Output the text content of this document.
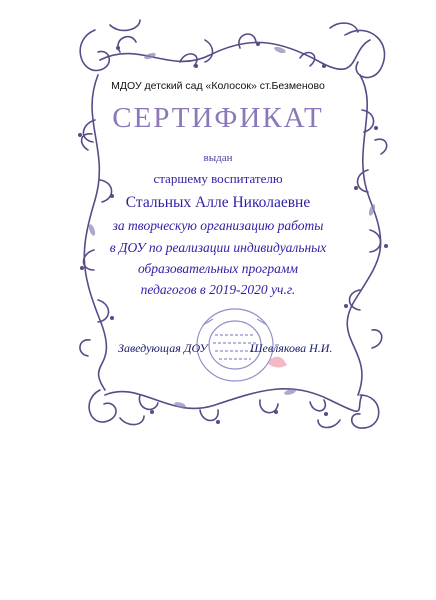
МДОУ детский сад «Колосок» ст.Безменово
СЕРТИФИКАТ
выдан
старшему воспитателю
Стальных Алле Николаевне
за творческую организацию работы
в ДОУ по реализации индивидуальных
образовательных программ
педагогов в 2019-2020 уч.г.
Заведующая ДОУ	Шевлякова Н.И.
